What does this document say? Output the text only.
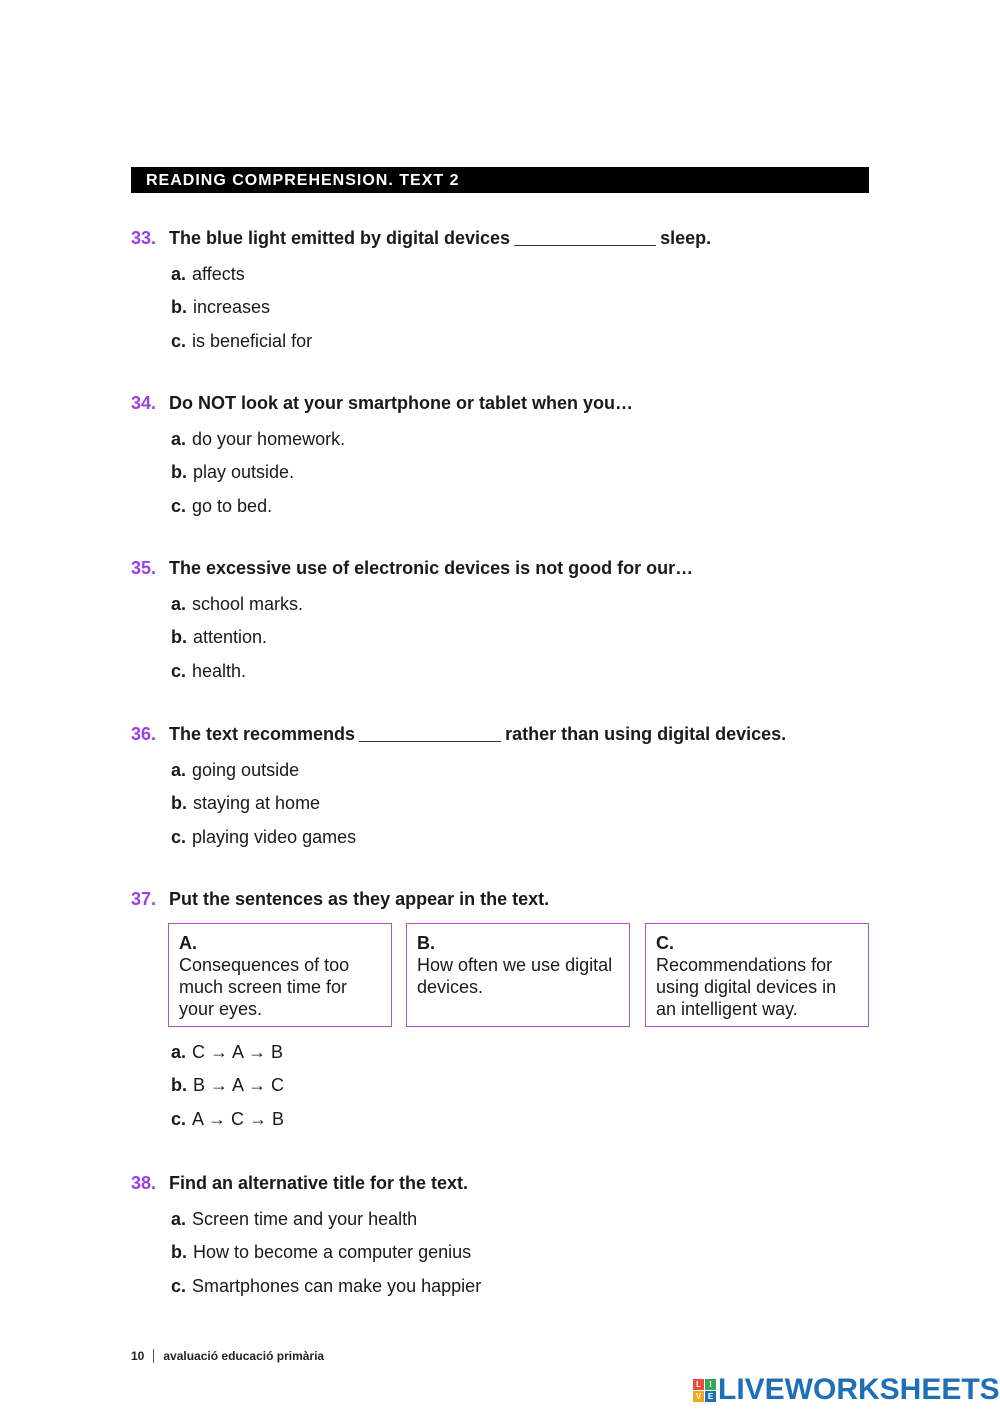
READING COMPREHENSION. TEXT 2
33. The blue light emitted by digital devices	sleep.
a. affects
b. increases
c. is beneficial for
34. Do NOT look at your smartphone or tablet when you…
a. do your homework.
b. play outside.
c. go to bed.
35. The excessive use of electronic devices is not good for our…
a. school marks.
b. attention.
c. health.
36. The text recommends	rather than using digital devices.
a. going outside
b. staying at home
c. playing video games
37. Put the sentences as they appear in the text.
A.
Consequences of too much screen time for your eyes.
B.
How often we use digital devices.
C.
Recommendations for using digital devices in an intelligent way.
a. C → A → B
b. B → A → C
c. A → C → B
38. Find an alternative title for the text.
a. Screen time and your health
b. How to become a computer genius
c. Smartphones can make you happier
10 avaluació educació primària
L	I
V E LIVEWORKSHEETS
